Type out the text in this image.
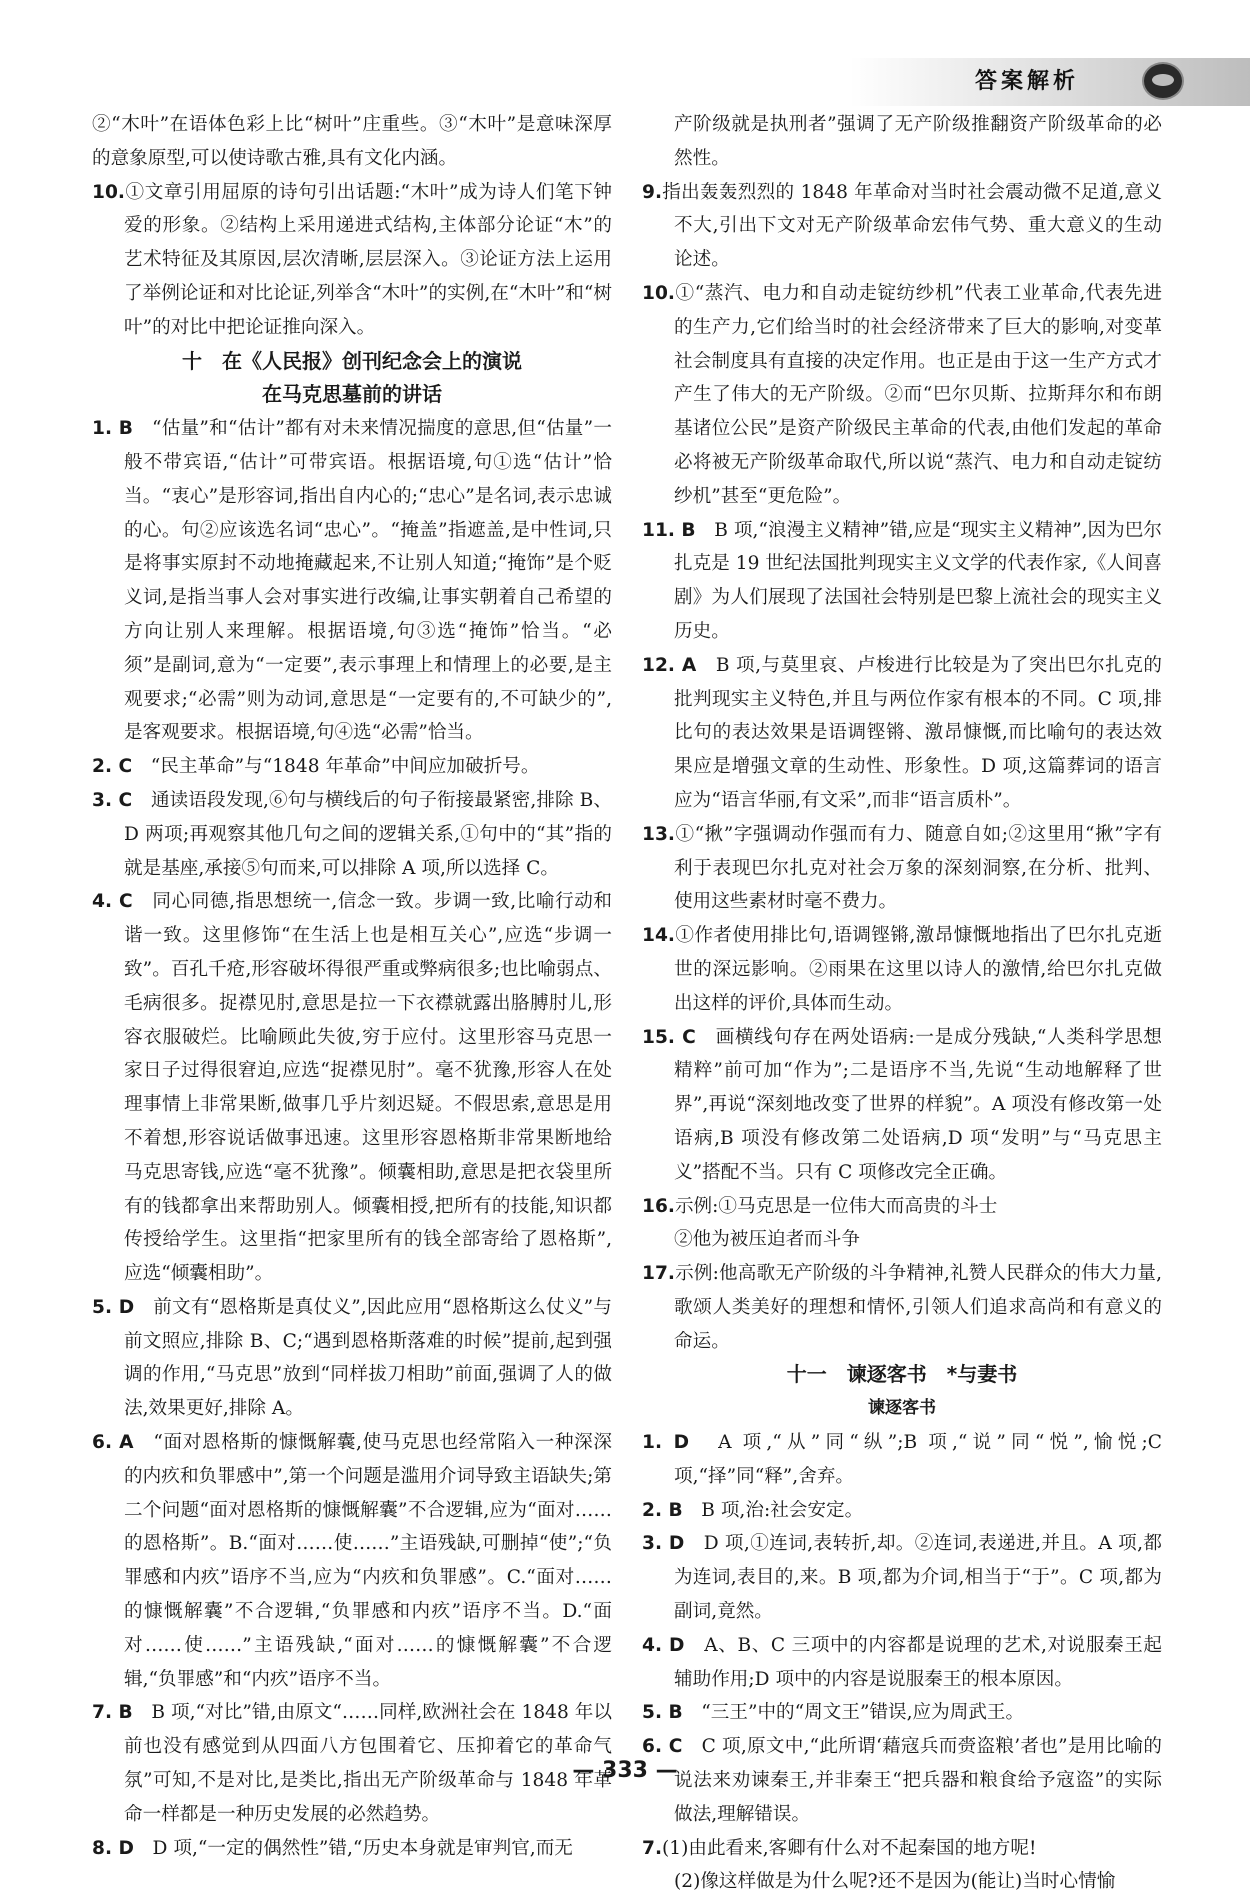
答案解析

②“木叶”在语体色彩上比“树叶”庄重些。③“木叶”是意味深厚的意象原型,可以使诗歌古雅,具有文化内涵。

10.①文章引用屈原的诗句引出话题:“木叶”成为诗人们笔下钟爱的形象。②结构上采用递进式结构,主体部分论证“木”的艺术特征及其原因,层次清晰,层层深入。③论证方法上运用了举例论证和对比论证,列举含“木叶”的实例,在“木叶”和“树叶”的对比中把论证推向深入。

十　在《人民报》创刊纪念会上的演说

在马克思墓前的讲话

1. B　 “估量”和“估计”都有对未来情况揣度的意思,但“估量”一般不带宾语,“估计”可带宾语。根据语境,句①选“估计”恰当。“衷心”是形容词,指出自内心的;“忠心”是名词,表示忠诚的心。句②应该选名词“忠心”。“掩盖”指遮盖,是中性词,只是将事实原封不动地掩藏起来,不让别人知道;“掩饰”是个贬义词,是指当事人会对事实进行改编,让事实朝着自己希望的方向让别人来理解。根据语境,句③选“掩饰”恰当。“必须”是副词,意为“一定要”,表示事理上和情理上的必要,是主观要求;“必需”则为动词,意思是“一定要有的,不可缺少的”,是客观要求。根据语境,句④选“必需”恰当。

2. C　 “民主革命”与“1848 年革命”中间应加破折号。

3. C　 通读语段发现,⑥句与横线后的句子衔接最紧密,排除 B、D 两项;再观察其他几句之间的逻辑关系,①句中的“其”指的就是基座,承接⑤句而来,可以排除 A 项,所以选择 C。

4. C　 同心同德,指思想统一,信念一致。步调一致,比喻行动和谐一致。这里修饰“在生活上也是相互关心”,应选“步调一致”。百孔千疮,形容破坏得很严重或弊病很多;也比喻弱点、毛病很多。捉襟见肘,意思是拉一下衣襟就露出胳膊肘儿,形容衣服破烂。比喻顾此失彼,穷于应付。这里形容马克思一家日子过得很窘迫,应选“捉襟见肘”。毫不犹豫,形容人在处理事情上非常果断,做事几乎片刻迟疑。不假思索,意思是用不着想,形容说话做事迅速。这里形容恩格斯非常果断地给马克思寄钱,应选“毫不犹豫”。倾囊相助,意思是把衣袋里所有的钱都拿出来帮助别人。倾囊相授,把所有的技能,知识都传授给学生。这里指“把家里所有的钱全部寄给了恩格斯”,应选“倾囊相助”。

5. D　 前文有“恩格斯是真仗义”,因此应用“恩格斯这么仗义”与前文照应,排除 B、C;“遇到恩格斯落难的时候”提前,起到强调的作用,“马克思”放到“同样拔刀相助”前面,强调了人的做法,效果更好,排除 A。

6. A　 “面对恩格斯的慷慨解囊,使马克思也经常陷入一种深深的内疚和负罪感中”,第一个问题是滥用介词导致主语缺失;第二个问题“面对恩格斯的慷慨解囊”不合逻辑,应为“面对……的恩格斯”。B.“面对……使……”主语残缺,可删掉“使”;“负罪感和内疚”语序不当,应为“内疚和负罪感”。C.“面对……的慷慨解囊”不合逻辑,“负罪感和内疚”语序不当。D.“面对……使……”主语残缺,“面对……的慷慨解囊”不合逻辑,“负罪感”和“内疚”语序不当。

7. B　 B 项,“对比”错,由原文“……同样,欧洲社会在 1848 年以前也没有感觉到从四面八方包围着它、压抑着它的革命气氛”可知,不是对比,是类比,指出无产阶级革命与 1848 年革命一样都是一种历史发展的必然趋势。

8. D　 D 项,“一定的偶然性”错,“历史本身就是审判官,而无

产阶级就是执刑者”强调了无产阶级推翻资产阶级革命的必然性。

9.指出轰轰烈烈的 1848 年革命对当时社会震动微不足道,意义不大,引出下文对无产阶级革命宏伟气势、重大意义的生动论述。

10.①“蒸汽、电力和自动走锭纺纱机”代表工业革命,代表先进的生产力,它们给当时的社会经济带来了巨大的影响,对变革社会制度具有直接的决定作用。也正是由于这一生产方式才产生了伟大的无产阶级。②而“巴尔贝斯、拉斯拜尔和布朗基诸位公民”是资产阶级民主革命的代表,由他们发起的革命必将被无产阶级革命取代,所以说“蒸汽、电力和自动走锭纺纱机”甚至“更危险”。

11. B　 B 项,“浪漫主义精神”错,应是“现实主义精神”,因为巴尔扎克是 19 世纪法国批判现实主义文学的代表作家,《人间喜剧》为人们展现了法国社会特别是巴黎上流社会的现实主义历史。

12. A　 B 项,与莫里哀、卢梭进行比较是为了突出巴尔扎克的批判现实主义特色,并且与两位作家有根本的不同。C 项,排比句的表达效果是语调铿锵、激昂慷慨,而比喻句的表达效果应是增强文章的生动性、形象性。D 项,这篇葬词的语言应为“语言华丽,有文采”,而非“语言质朴”。

13.①“揪”字强调动作强而有力、随意自如;②这里用“揪”字有利于表现巴尔扎克对社会万象的深刻洞察,在分析、批判、使用这些素材时毫不费力。

14.①作者使用排比句,语调铿锵,激昂慷慨地指出了巴尔扎克逝世的深远影响。②雨果在这里以诗人的激情,给巴尔扎克做出这样的评价,具体而生动。

15. C　 画横线句存在两处语病:一是成分残缺,“人类科学思想精粹”前可加“作为”;二是语序不当,先说“生动地解释了世界”,再说“深刻地改变了世界的样貌”。A 项没有修改第一处语病,B 项没有修改第二处语病,D 项“发明”与“马克思主义”搭配不当。只有 C 项修改完全正确。

16.示例:①马克思是一位伟大而高贵的斗士

②他为被压迫者而斗争

17.示例:他高歌无产阶级的斗争精神,礼赞人民群众的伟大力量,歌颂人类美好的理想和情怀,引领人们追求高尚和有意义的命运。

十一　谏逐客书　*与妻书

谏逐客书

1. D　 A 项,“从”同“纵”;B 项,“说”同“悦”,愉悦;C 项,“择”同“释”,舍弃。

2. B　 B 项,治:社会安定。

3. D　 D 项,①连词,表转折,却。②连词,表递进,并且。A 项,都为连词,表目的,来。B 项,都为介词,相当于“于”。C 项,都为副词,竟然。

4. D　 A、B、C 三项中的内容都是说理的艺术,对说服秦王起辅助作用;D 项中的内容是说服秦王的根本原因。

5. B　 “三王”中的“周文王”错误,应为周武王。

6. C　 C 项,原文中,“此所谓‘藉寇兵而赍盗粮’者也”是用比喻的说法来劝谏秦王,并非秦王“把兵器和粮食给予寇盗”的实际做法,理解错误。

7.(1)由此看来,客卿有什么对不起秦国的地方呢!

(2)像这样做是为什么呢?还不是因为(能让)当时心情愉

— 333 —
